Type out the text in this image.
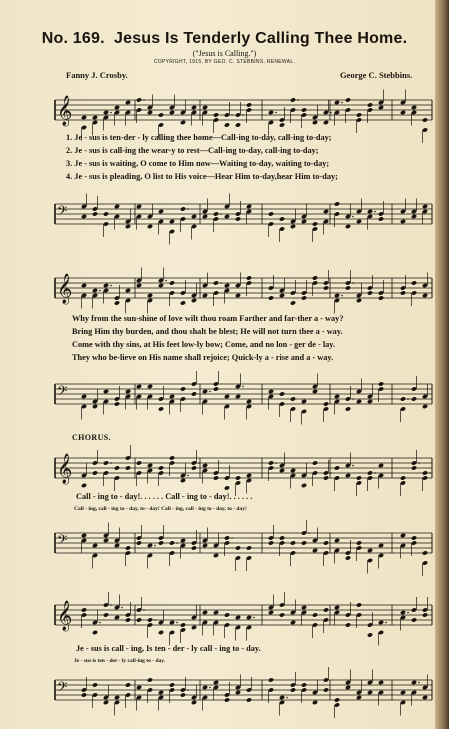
No. 169. Jesus Is Tenderly Calling Thee Home.
("Jesus is Calling.")
COPYRIGHT, 1915, BY GEO. C. STEBBINS. RENEWAL.
Fanny J. Crosby.	George C. Stebbins.
𝄞
1. Je - sus is ten-der - ly calling thee home—Call-ing to-day, call-ing to-day;
2. Je - sus is call-ing the wear-y to rest—Call-ing to-day, call-ing to-day;
3. Je - sus is waiting, O come to Him now—Waiting to-day, waiting to-day;
4. Je - sus is pleading, O list to His voice—Hear Him to-day,hear Him to-day;
𝄢
𝄞
Why from the sun-shine of love wilt thou roam Farther and far-ther a - way?
Bring Him thy burden, and thou shalt be blest; He will not turn thee a - way.
Come with thy sins, at His feet low-ly bow; Come, and no lon - ger de - lay.
They who be-lieve on His name shall rejoice; Quick-ly a - rise and a - way.
𝄢
CHORUS.
𝄞
Call - ing to - day!. . . . . . Call - ing to - day!. . . . . .
Call - ing, call - ing to - day, to - day! Call - ing, call - ing to - day, to - day!
𝄢
𝄞
Je - sus is call - ing, Is ten - der - ly call - ing to - day.
Je - sus is ten - der - ly call-ing to - day.
𝄢
